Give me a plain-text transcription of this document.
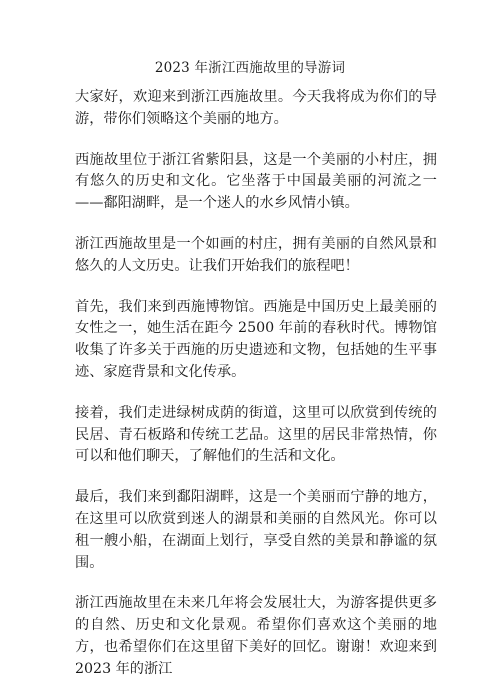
2023 年浙江西施故里的导游词

大家好，欢迎来到浙江西施故里。今天我将成为你们的导游，带你们领略这个美丽的地方。

西施故里位于浙江省紫阳县，这是一个美丽的小村庄，拥有悠久的历史和文化。它坐落于中国最美丽的河流之一——鄱阳湖畔，是一个迷人的水乡风情小镇。

浙江西施故里是一个如画的村庄，拥有美丽的自然风景和悠久的人文历史。让我们开始我们的旅程吧！

首先，我们来到西施博物馆。西施是中国历史上最美丽的女性之一，她生活在距今 2500 年前的春秋时代。博物馆收集了许多关于西施的历史遗迹和文物，包括她的生平事迹、家庭背景和文化传承。

接着，我们走进绿树成荫的街道，这里可以欣赏到传统的民居、青石板路和传统工艺品。这里的居民非常热情，你可以和他们聊天，了解他们的生活和文化。

最后，我们来到鄱阳湖畔，这是一个美丽而宁静的地方，在这里可以欣赏到迷人的湖景和美丽的自然风光。你可以租一艘小船，在湖面上划行，享受自然的美景和静谧的氛围。

浙江西施故里在未来几年将会发展壮大，为游客提供更多的自然、历史和文化景观。希望你们喜欢这个美丽的地方，也希望你们在这里留下美好的回忆。谢谢！欢迎来到 2023 年的浙江
